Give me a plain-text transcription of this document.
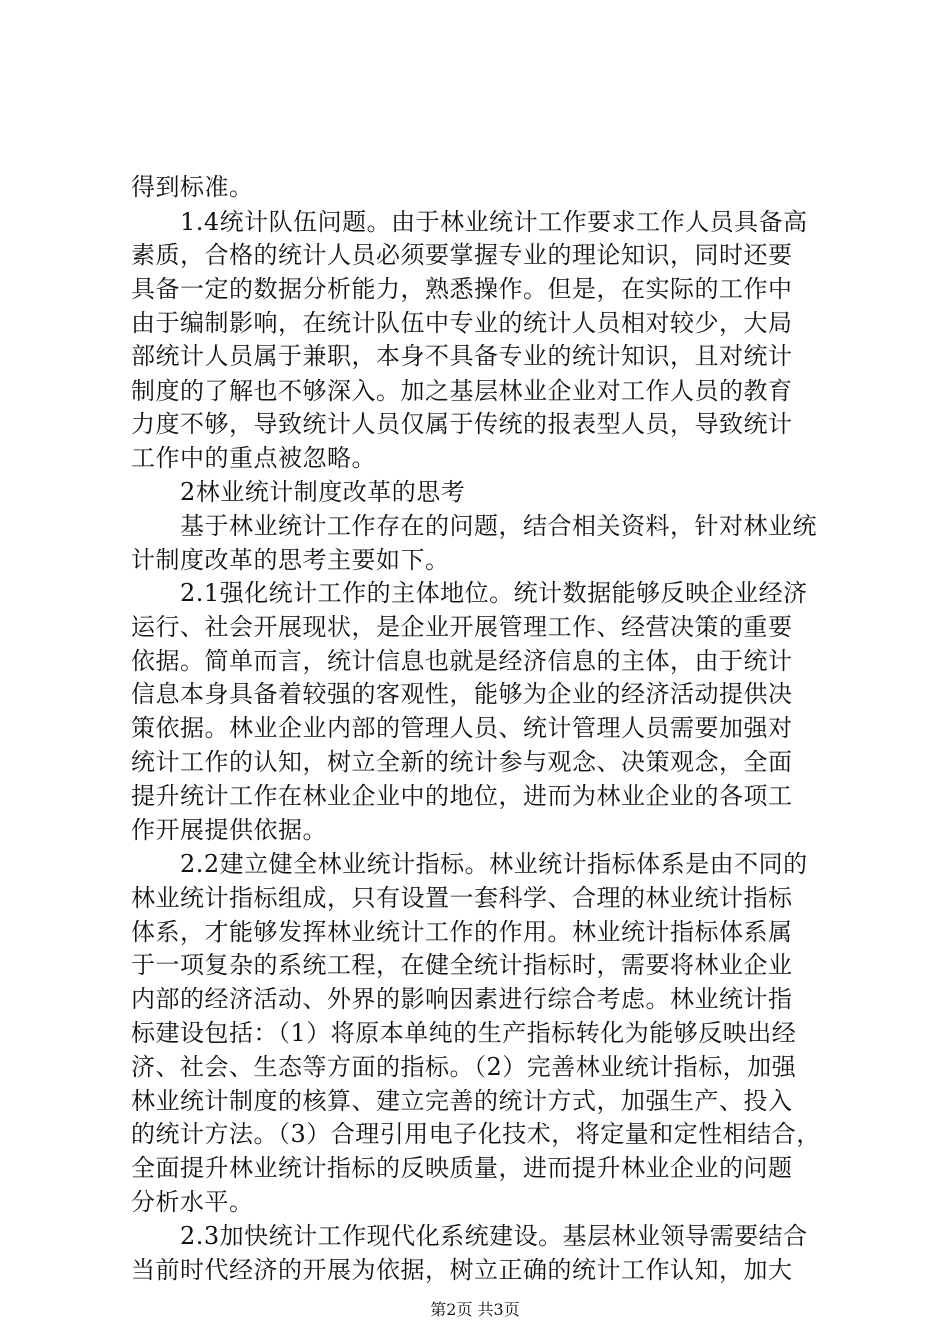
得到标准。
　　1.4统计队伍问题。由于林业统计工作要求工作人员具备高
素质，合格的统计人员必须要掌握专业的理论知识，同时还要
具备一定的数据分析能力，熟悉操作。但是，在实际的工作中
由于编制影响，在统计队伍中专业的统计人员相对较少，大局
部统计人员属于兼职，本身不具备专业的统计知识，且对统计
制度的了解也不够深入。加之基层林业企业对工作人员的教育
力度不够，导致统计人员仅属于传统的报表型人员，导致统计
工作中的重点被忽略。
　　2林业统计制度改革的思考
　　基于林业统计工作存在的问题，结合相关资料，针对林业统
计制度改革的思考主要如下。
　　2.1强化统计工作的主体地位。统计数据能够反映企业经济
运行、社会开展现状，是企业开展管理工作、经营决策的重要
依据。简单而言，统计信息也就是经济信息的主体，由于统计
信息本身具备着较强的客观性，能够为企业的经济活动提供决
策依据。林业企业内部的管理人员、统计管理人员需要加强对
统计工作的认知，树立全新的统计参与观念、决策观念，全面
提升统计工作在林业企业中的地位，进而为林业企业的各项工
作开展提供依据。
　　2.2建立健全林业统计指标。林业统计指标体系是由不同的
林业统计指标组成，只有设置一套科学、合理的林业统计指标
体系，才能够发挥林业统计工作的作用。林业统计指标体系属
于一项复杂的系统工程，在健全统计指标时，需要将林业企业
内部的经济活动、外界的影响因素进行综合考虑。林业统计指
标建设包括：（1）将原本单纯的生产指标转化为能够反映出经
济、社会、生态等方面的指标。（2）完善林业统计指标，加强
林业统计制度的核算、建立完善的统计方式，加强生产、投入
的统计方法。（3）合理引用电子化技术，将定量和定性相结合，
全面提升林业统计指标的反映质量，进而提升林业企业的问题
分析水平。
　　2.3加快统计工作现代化系统建设。基层林业领导需要结合
当前时代经济的开展为依据，树立正确的统计工作认知，加大
第2页 共3页
